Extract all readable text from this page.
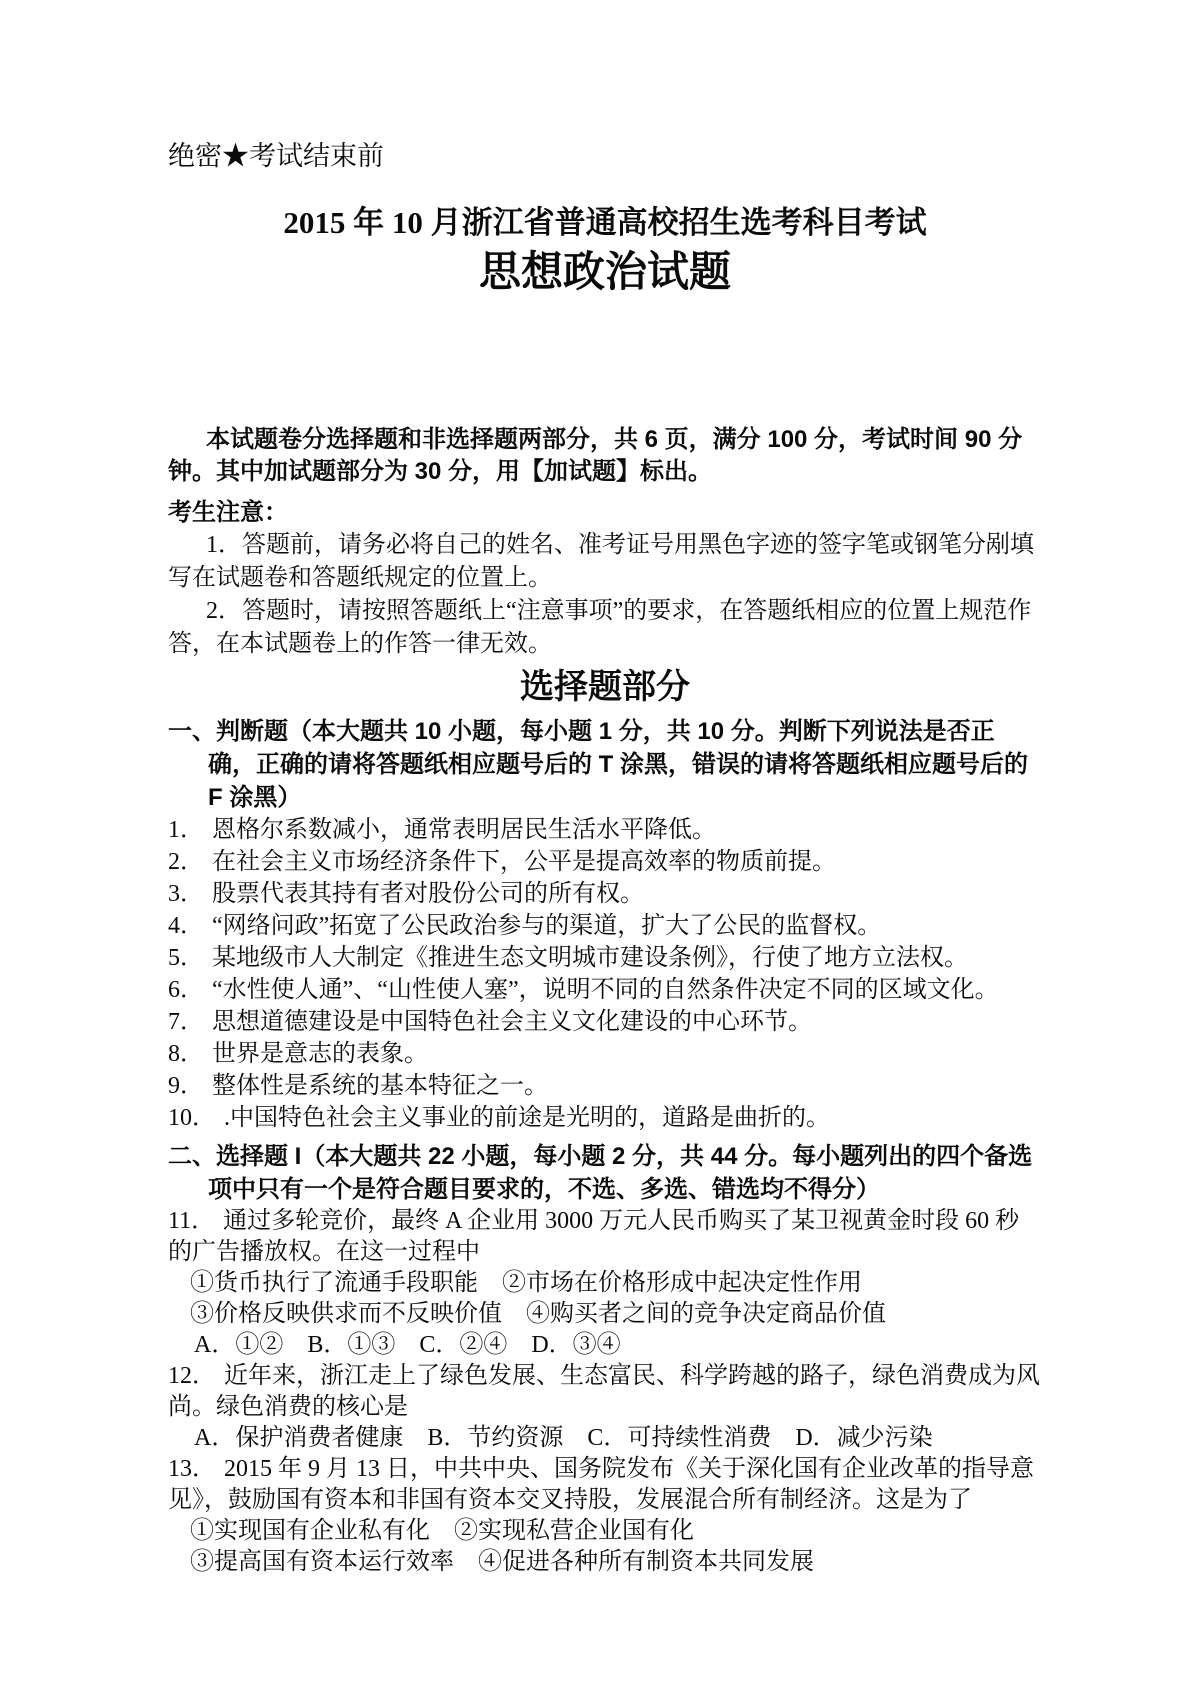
绝密★考试结束前

2015 年 10 月浙江省普通高校招生选考科目考试
思想政治试题

本试题卷分选择题和非选择题两部分，共 6 页，满分 100 分，考试时间 90 分钟。其中加试题部分为 30 分，用【加试题】标出。

考生注意：

1．答题前，请务必将自己的姓名、准考证号用黑色字迹的签字笔或钢笔分剐填写在试题卷和答题纸规定的位置上。

2．答题时，请按照答题纸上“注意事项”的要求，在答题纸相应的位置上规范作答，在本试题卷上的作答一律无效。

选择题部分

一、判断题（本大题共 10 小题，每小题 1 分，共 10 分。判断下列说法是否正确，正确的请将答题纸相应题号后的 T 涂黑，错误的请将答题纸相应题号后的 F 涂黑）

1． 恩格尔系数减小，通常表明居民生活水平降低。

2． 在社会主义市场经济条件下，公平是提高效率的物质前提。

3． 股票代表其持有者对股份公司的所有权。

4． “网络问政”拓宽了公民政治参与的渠道，扩大了公民的监督权。

5． 某地级市人大制定《推进生态文明城市建设条例》，行使了地方立法权。

6． “水性使人通”、“山性使人塞”，说明不同的自然条件决定不同的区域文化。

7． 思想道德建设是中国特色社会主义文化建设的中心环节。

8． 世界是意志的表象。

9． 整体性是系统的基本特征之一。

10． .中国特色社会主义事业的前途是光明的，道路是曲折的。

二、选择题 I（本大题共 22 小题，每小题 2 分，共 44 分。每小题列出的四个备选项中只有一个是符合题目要求的，不选、多选、错选均不得分）

11． 通过多轮竞价，最终 A 企业用 3000 万元人民币购买了某卫视黄金时段 60 秒的广告播放权。在这一过程中

①货币执行了流通手段职能　②市场在价格形成中起决定性作用

③价格反映供求而不反映价值　④购买者之间的竞争决定商品价值

A．①②　B．①③　C．②④　D．③④

12． 近年来，浙江走上了绿色发展、生态富民、科学跨越的路子，绿色消费成为风尚。绿色消费的核心是

A．保护消费者健康　B．节约资源　C．可持续性消费　D．减少污染

13． 2015 年 9 月 13 日，中共中央、国务院发布《关于深化国有企业改革的指导意见》，鼓励国有资本和非国有资本交叉持股，发展混合所有制经济。这是为了

①实现国有企业私有化　②实现私营企业国有化

③提高国有资本运行效率　④促进各种所有制资本共同发展
